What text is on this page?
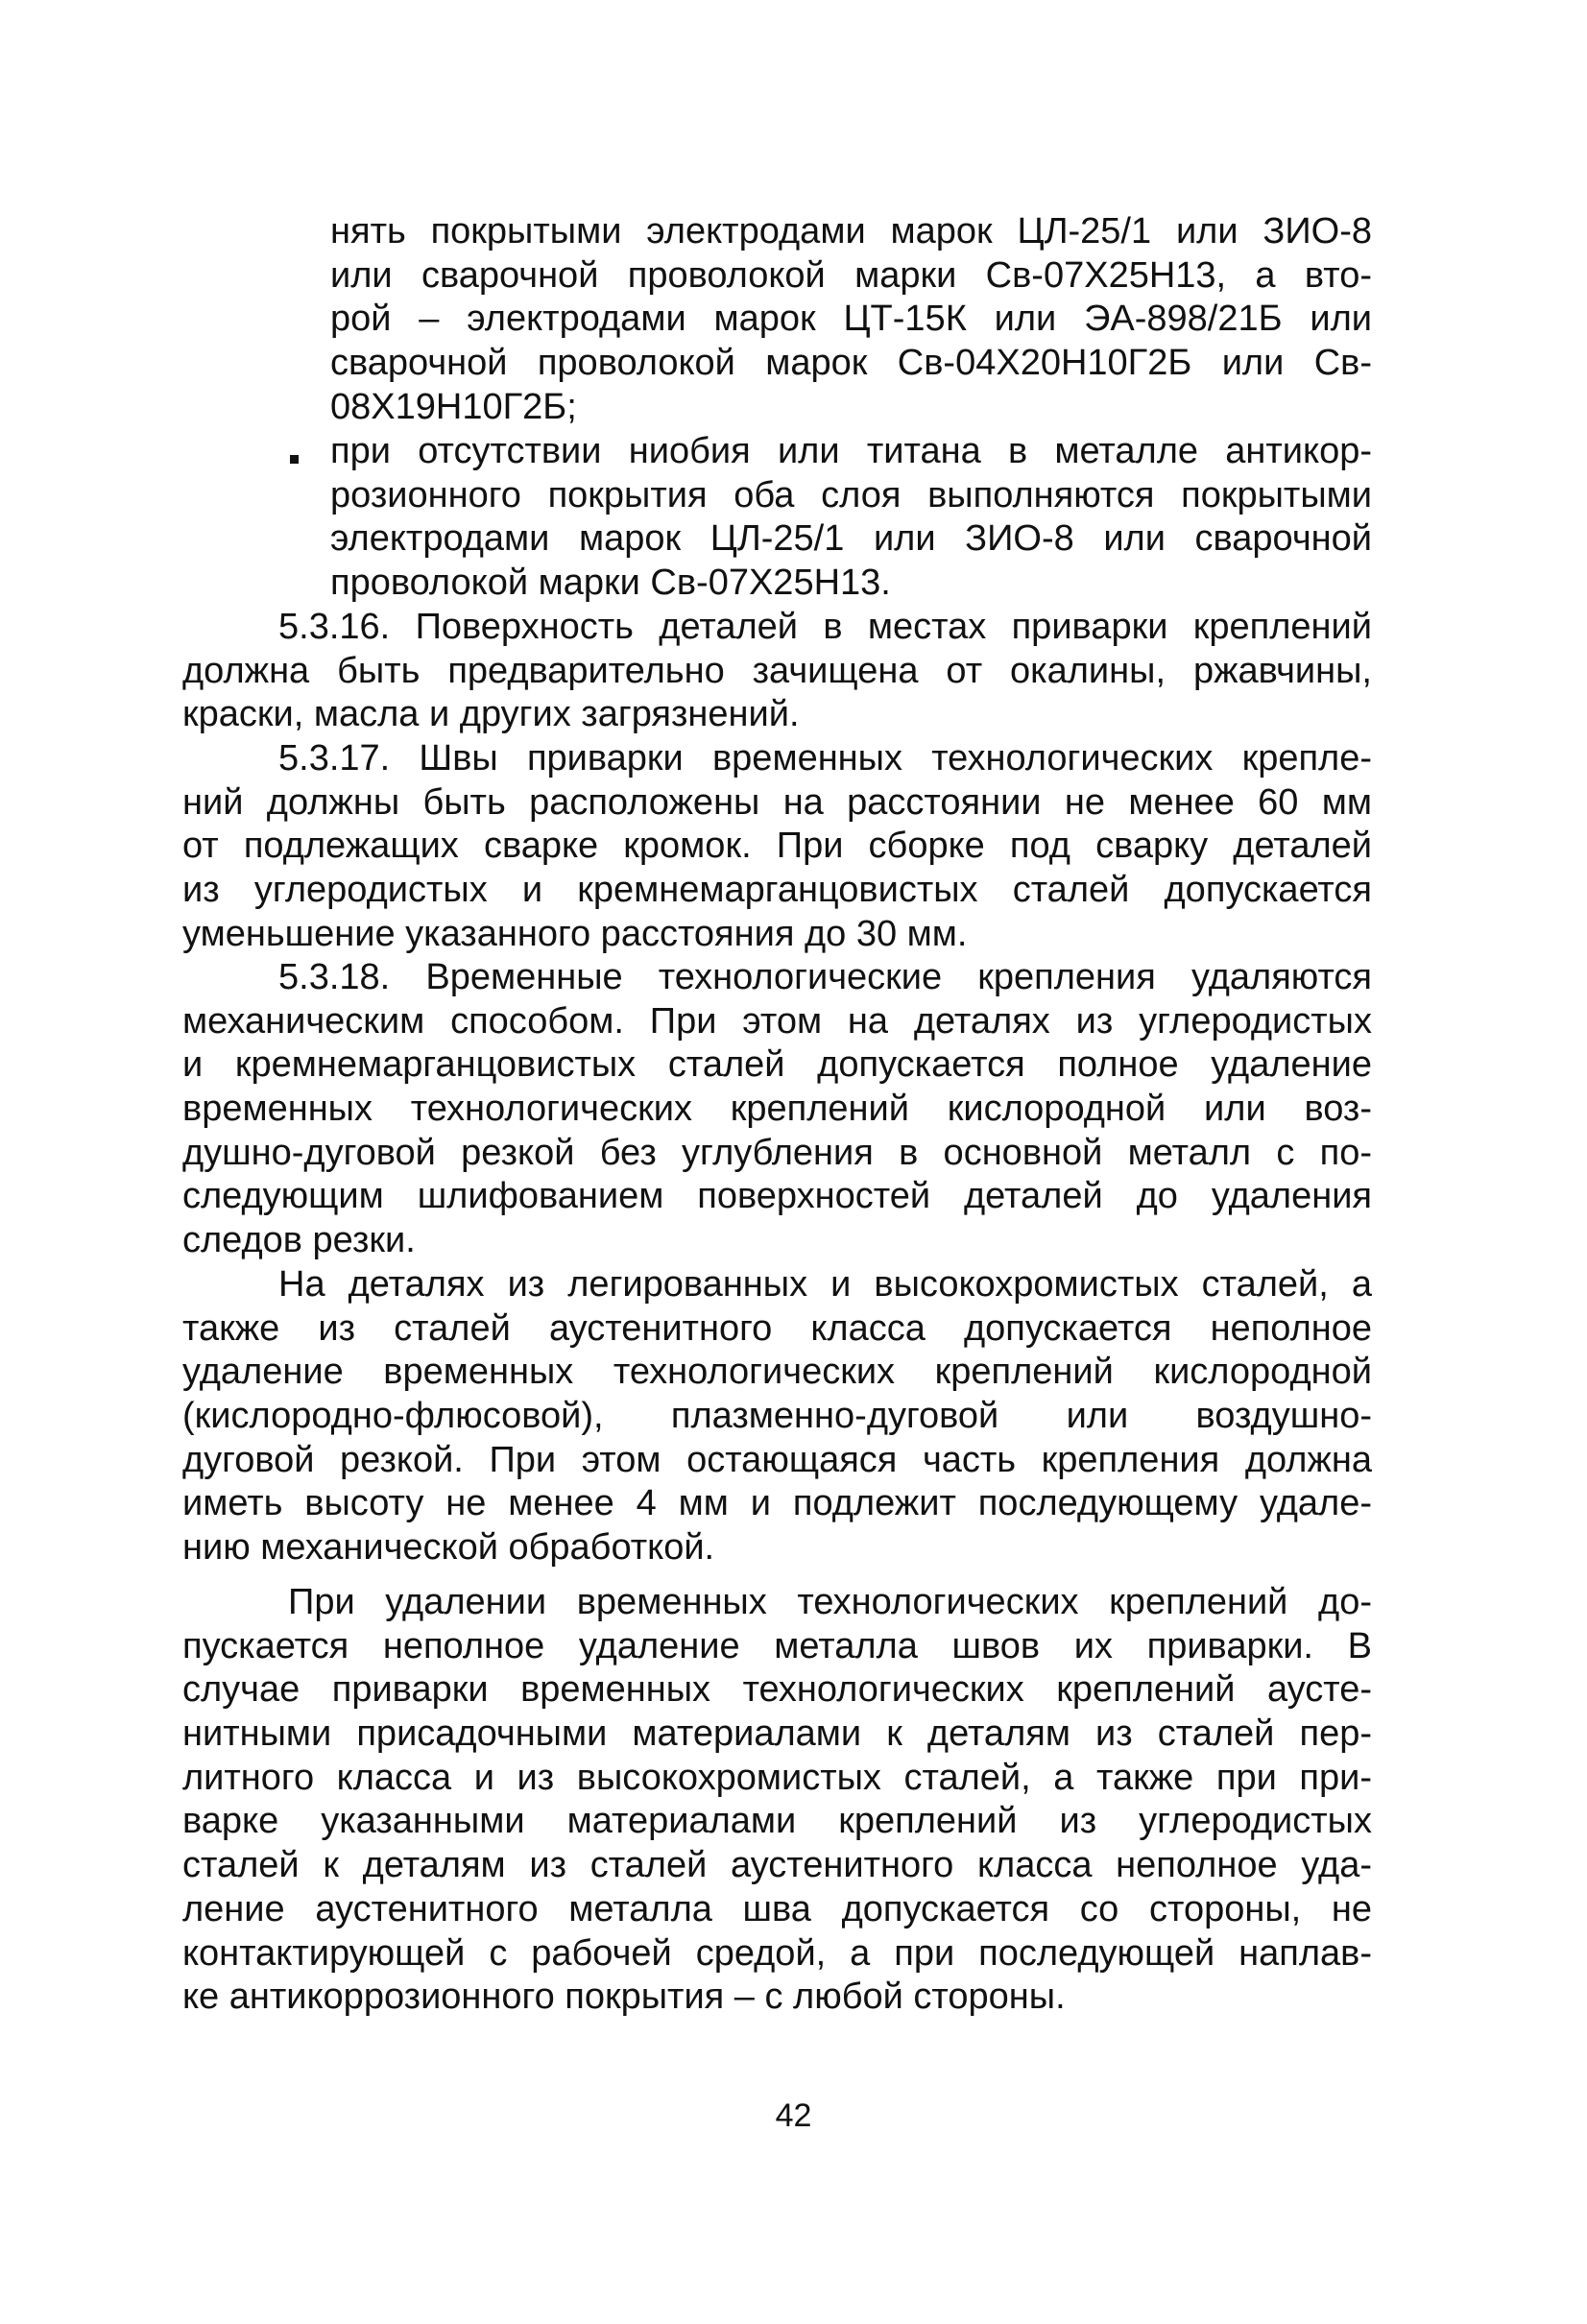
нять покрытыми электродами марок ЦЛ-25/1 или ЗИО-8
или сварочной проволокой марки Св-07Х25Н13, а вто-
рой – электродами марок ЦТ-15К или ЭА-898/21Б или
сварочной проволокой марок Св-04Х20Н10Г2Б или Св-
08Х19Н10Г2Б;
при отсутствии ниобия или титана в металле антикор-
розионного покрытия оба слоя выполняются покрытыми
электродами марок ЦЛ-25/1 или ЗИО-8 или сварочной
проволокой марки Св-07Х25Н13.
5.3.16. Поверхность деталей в местах приварки креплений
должна быть предварительно зачищена от окалины, ржавчины,
краски, масла и других загрязнений.
5.3.17. Швы приварки временных технологических крепле-
ний должны быть расположены на расстоянии не менее 60 мм
от подлежащих сварке кромок. При сборке под сварку деталей
из углеродистых и кремнемарганцовистых сталей допускается
уменьшение указанного расстояния до 30 мм.
5.3.18. Временные технологические крепления удаляются
механическим способом. При этом на деталях из углеродистых
и кремнемарганцовистых сталей допускается полное удаление
временных технологических креплений кислородной или воз-
душно-дуговой резкой без углубления в основной металл с по-
следующим шлифованием поверхностей деталей до удаления
следов резки.
На деталях из легированных и высокохромистых сталей, а
также из сталей аустенитного класса допускается неполное
удаление временных технологических креплений кислородной
(кислородно-флюсовой), плазменно-дуговой или воздушно-
дуговой резкой. При этом остающаяся часть крепления должна
иметь высоту не менее 4 мм и подлежит последующему удале-
нию механической обработкой.
При удалении временных технологических креплений до-
пускается неполное удаление металла швов их приварки. В
случае приварки временных технологических креплений аусте-
нитными присадочными материалами к деталям из сталей пер-
литного класса и из высокохромистых сталей, а также при при-
варке указанными материалами креплений из углеродистых
сталей к деталям из сталей аустенитного класса неполное уда-
ление аустенитного металла шва допускается со стороны, не
контактирующей с рабочей средой, а при последующей наплав-
ке антикоррозионного покрытия – с любой стороны.
42
